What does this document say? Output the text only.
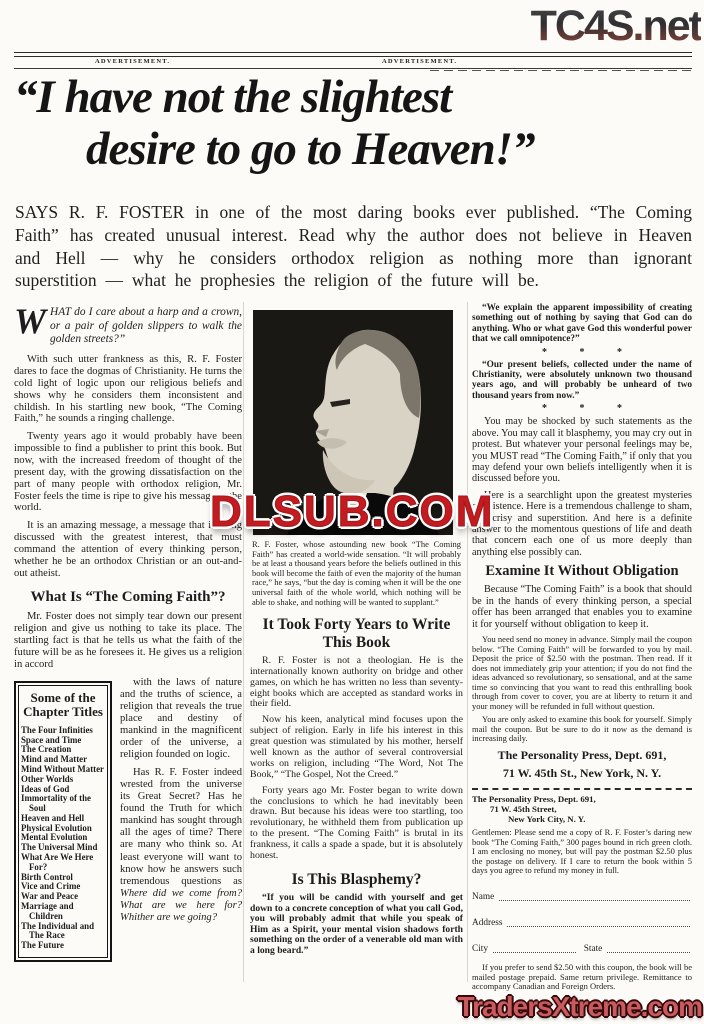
TC4S.net
DLSUB.COM
TradersXtreme.com
ADVERTISEMENT.	ADVERTISEMENT.
“I have not the slightest
desire to go to Heaven!”
SAYS R. F. FOSTER in one of the most daring books ever published. “The Coming Faith” has created unusual interest. Read why the author does not believe in Heaven and Hell — why he considers orthodox religion as nothing more than ignorant superstition — what he prophesies the religion of the future will be.

WHAT do I care about a harp and a crown, or a pair of golden slippers to walk the golden streets?”

With such utter frankness as this, R. F. Foster dares to face the dogmas of Christianity. He turns the cold light of logic upon our religious beliefs and shows why he considers them inconsistent and childish. In his startling new book, “The Coming Faith,” he sounds a ringing challenge.

Twenty years ago it would probably have been impossible to find a publisher to print this book. But now, with the increased freedom of thought of the present day, with the growing dissatisfaction on the part of many people with orthodox religion, Mr. Foster feels the time is ripe to give his message to the world.

It is an amazing message, a message that is being discussed with the greatest interest, that must command the attention of every thinking person, whether he be an orthodox Christian or an out-and-out atheist.

What Is “The Coming Faith”?

Mr. Foster does not simply tear down our present religion and give us nothing to take its place. The startling fact is that he tells us what the faith of the future will be as he foresees it. He gives us a religion in accord

Some of the Chapter Titles
The Four Infinities
Space and Time
The Creation
Mind and Matter
Mind Without Matter
Other Worlds
Ideas of God
Immortality of the Soul
Heaven and Hell
Physical Evolution
Mental Evolution
The Universal Mind
What Are We Here For?
Birth Control
Vice and Crime
War and Peace
Marriage and Children
The Individual and The Race
The Future

with the laws of nature and the truths of science, a religion that reveals the true place and destiny of mankind in the magnificent order of the universe, a religion founded on logic.

Has R. F. Foster indeed wrested from the universe its Great Secret? Has he found the Truth for which mankind has sought through all the ages of time? There are many who think so. At least everyone will want to know how he answers such tremendous questions as Where did we come from? What are we here for? Whither are we going?

R. F. Foster, whose astounding new book “The Coming Faith” has created a world-wide sensation. “It will probably be at least a thousand years before the beliefs outlined in this book will become the faith of even the majority of the human race,” he says, “but the day is coming when it will be the one universal faith of the whole world, which nothing will be able to shake, and nothing will be wanted to supplant.”

It Took Forty Years to Write This Book

R. F. Foster is not a theologian. He is the internationally known authority on bridge and other games, on which he has written no less than seventy-eight books which are accepted as standard works in their field.

Now his keen, analytical mind focuses upon the subject of religion. Early in life his interest in this great question was stimulated by his mother, herself well known as the author of several controversial works on religion, including “The Word, Not The Book,” “The Gospel, Not the Creed.”

Forty years ago Mr. Foster began to write down the conclusions to which he had inevitably been drawn. But because his ideas were too startling, too revolutionary, he withheld them from publication up to the present. “The Coming Faith” is brutal in its frankness, it calls a spade a spade, but it is absolutely honest.

Is This Blasphemy?

“If you will be candid with yourself and get down to a concrete conception of what you call God, you will probably admit that while you speak of Him as a Spirit, your mental vision shadows forth something on the order of a venerable old man with a long beard.”

“We explain the apparent impossibility of creating something out of nothing by saying that God can do anything. Who or what gave God this wonderful power that we call omnipotence?”

* * *

“Our present beliefs, collected under the name of Christianity, were absolutely unknown two thousand years ago, and will probably be unheard of two thousand years from now.”

* * *

You may be shocked by such statements as the above. You may call it blasphemy, you may cry out in protest. But whatever your personal feelings may be, you MUST read “The Coming Faith,” if only that you may defend your own beliefs intelligently when it is discussed before you.

Here is a searchlight upon the greatest mysteries of existence. Here is a tremendous challenge to sham, hypocrisy and superstition. And here is a definite answer to the momentous questions of life and death that concern each one of us more deeply than anything else possibly can.

Examine It Without Obligation

Because “The Coming Faith” is a book that should be in the hands of every thinking person, a special offer has been arranged that enables you to examine it for yourself without obligation to keep it.

You need send no money in advance. Simply mail the coupon below. “The Coming Faith” will be forwarded to you by mail. Deposit the price of $2.50 with the postman. Then read. If it does not immediately grip your attention; if you do not find the ideas advanced so revolutionary, so sensational, and at the same time so convincing that you want to read this enthralling book through from cover to cover, you are at liberty to return it and your money will be refunded in full without question.

You are only asked to examine this book for yourself. Simply mail the coupon. But be sure to do it now as the demand is increasing daily.

The Personality Press, Dept. 691,

71 W. 45th St., New York, N. Y.

The Personality Press, Dept. 691,
71 W. 45th Street,
New York City, N. Y.

Gentlemen: Please send me a copy of R. F. Foster’s daring new book “The Coming Faith,” 300 pages bound in rich green cloth. I am enclosing no money, but will pay the postman $2.50 plus the postage on delivery. If I care to return the book within 5 days you agree to refund my money in full.

Name
Address
City	State

If you prefer to send $2.50 with this coupon, the book will be mailed postage prepaid. Same return privilege. Remittance to accompany Canadian and Foreign Orders.
